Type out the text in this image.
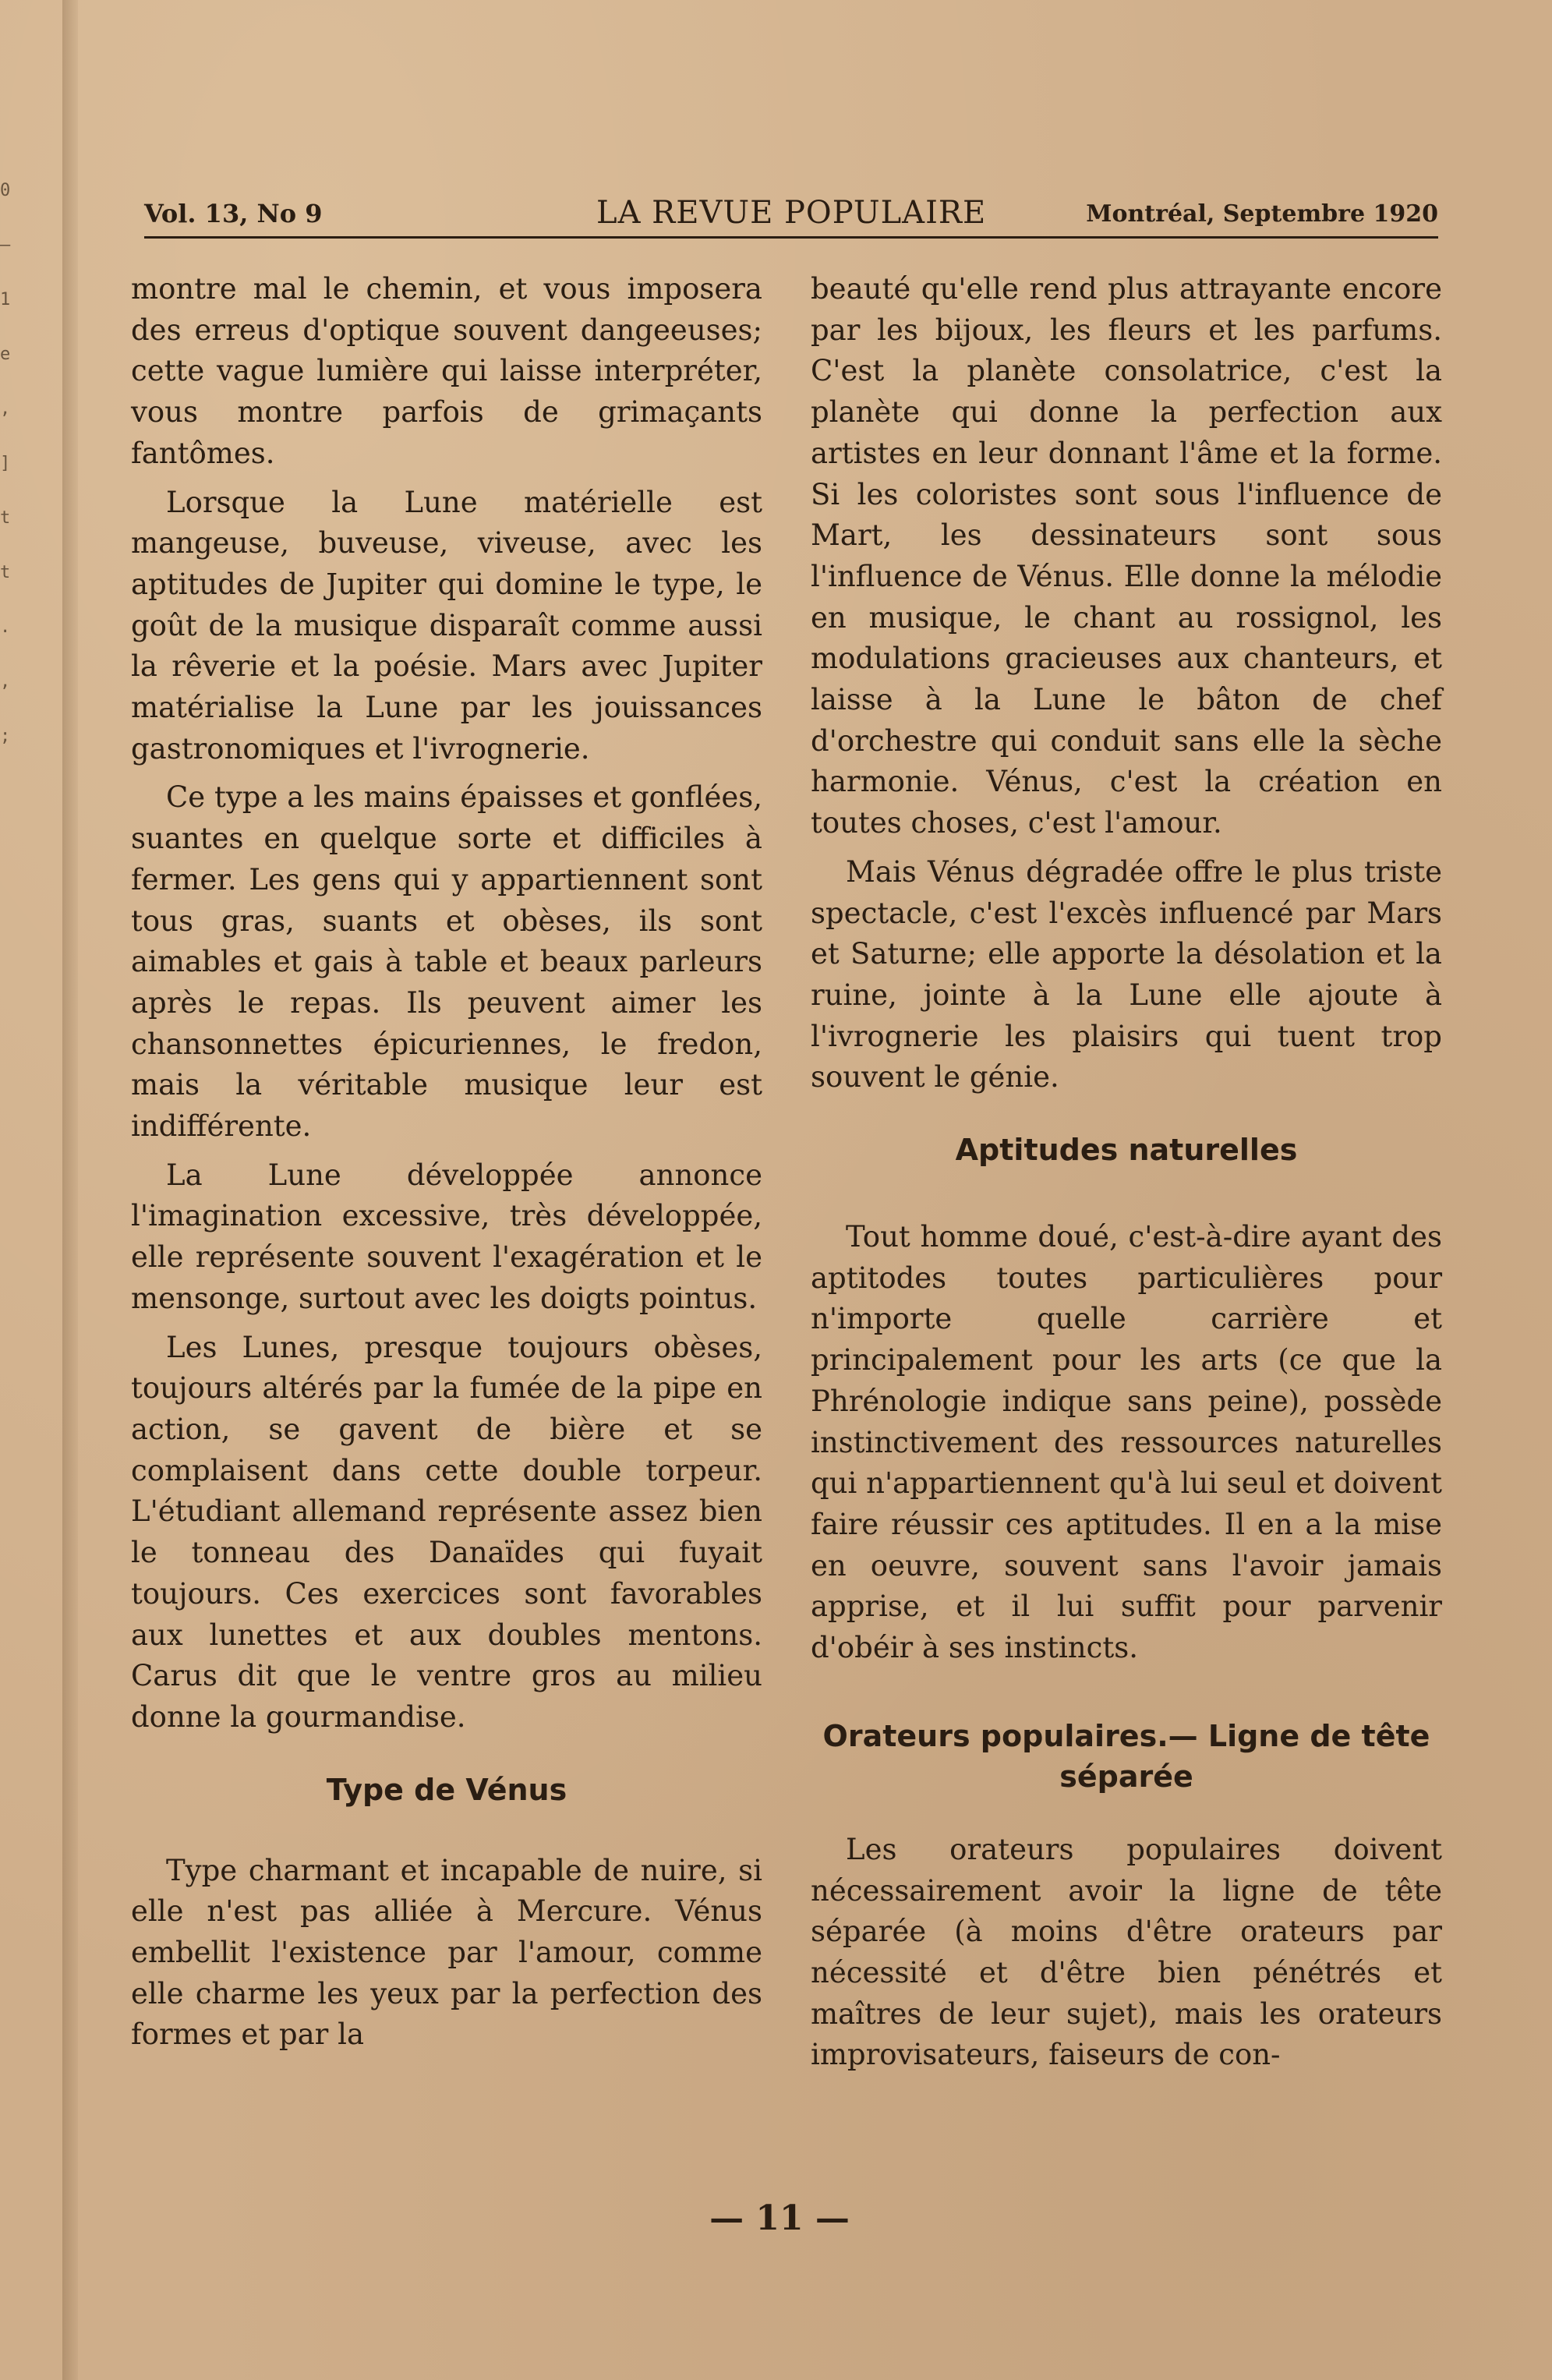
0
–
1
e
,
]
t
t
.
,
;
Vol. 13, No 9	LA REVUE POPULAIRE	Montréal, Septembre 1920

montre mal le chemin, et vous imposera des erreus d'optique souvent dangeeuses; cette vague lumière qui laisse interpréter, vous montre parfois de grimaçants fantômes.

Lorsque la Lune matérielle est mangeuse, buveuse, viveuse, avec les aptitudes de Jupiter qui domine le type, le goût de la musique disparaît comme aussi la rêverie et la poésie. Mars avec Jupiter matérialise la Lune par les jouissances gastronomiques et l'ivrognerie.

Ce type a les mains épaisses et gonflées, suantes en quelque sorte et difficiles à fermer. Les gens qui y appartiennent sont tous gras, suants et obèses, ils sont aimables et gais à table et beaux parleurs après le repas. Ils peuvent aimer les chansonnettes épicuriennes, le fredon, mais la véritable musique leur est indifférente.

La Lune développée annonce l'imagination excessive, très développée, elle représente souvent l'exagération et le mensonge, surtout avec les doigts pointus.

Les Lunes, presque toujours obèses, toujours altérés par la fumée de la pipe en action, se gavent de bière et se complaisent dans cette double torpeur. L'étudiant allemand représente assez bien le tonneau des Danaïdes qui fuyait toujours. Ces exercices sont favorables aux lunettes et aux doubles mentons. Carus dit que le ventre gros au milieu donne la gourmandise.

Type de Vénus

Type charmant et incapable de nuire, si elle n'est pas alliée à Mercure. Vénus embellit l'existence par l'amour, comme elle charme les yeux par la perfection des formes et par la

beauté qu'elle rend plus attrayante encore par les bijoux, les fleurs et les parfums. C'est la planète consolatrice, c'est la planète qui donne la perfection aux artistes en leur donnant l'âme et la forme. Si les coloristes sont sous l'influence de Mart, les dessinateurs sont sous l'influence de Vénus. Elle donne la mélodie en musique, le chant au rossignol, les modulations gracieuses aux chanteurs, et laisse à la Lune le bâton de chef d'orchestre qui conduit sans elle la sèche harmonie. Vénus, c'est la création en toutes choses, c'est l'amour.

Mais Vénus dégradée offre le plus triste spectacle, c'est l'excès influencé par Mars et Saturne; elle apporte la désolation et la ruine, jointe à la Lune elle ajoute à l'ivrognerie les plaisirs qui tuent trop souvent le génie.

Aptitudes naturelles

Tout homme doué, c'est-à-dire ayant des aptitodes toutes particulières pour n'importe quelle carrière et principalement pour les arts (ce que la Phrénologie indique sans peine), possède instinctivement des ressources naturelles qui n'appartiennent qu'à lui seul et doivent faire réussir ces aptitudes. Il en a la mise en oeuvre, souvent sans l'avoir jamais apprise, et il lui suffit pour parvenir d'obéir à ses instincts.

Orateurs populaires.— Ligne de tête séparée

Les orateurs populaires doivent nécessairement avoir la ligne de tête séparée (à moins d'être orateurs par nécessité et d'être bien pénétrés et maîtres de leur sujet), mais les orateurs improvisateurs, faiseurs de con-

— 11 —
